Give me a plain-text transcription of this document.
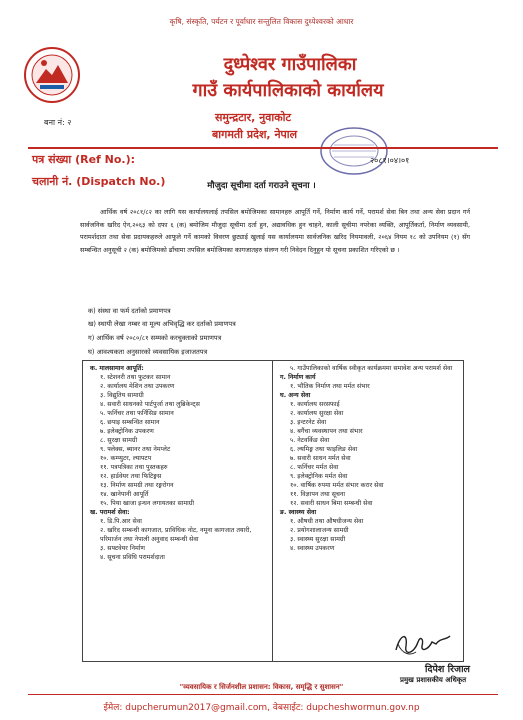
कृषि, संस्कृति, पर्यटन र पूर्वाधार सन्तुलित विकास दुध्पेश्वरको आधार
दुध्पेश्वर गाउँपालिका
गाउँ कार्यपालिकाको कार्यालय
बना नं: २	समुन्द्रटार, नुवाकोट
बागमती प्रदेश, नेपाल
पत्र संख्या (Ref No.):
चलानी नं. (Dispatch No.)
२०८१।०४।०१
मौजुदा सूचीमा दर्ता गराउने सूचना ।
आर्थिक वर्ष २०८१/८२ का लागि यस कार्यालयलाई तपसिल बमोजिमका सामानहरु आपूर्ति गर्ने, निर्माण कार्य गर्ने, परामर्श सेवा बिन तथा अन्य सेवा प्रदान गर्न सार्वजनिक खरिद ऐन,२०६३ को दफा ६ (क) बमोजिम मौजुदा सूचीमा दर्ता हुन, अद्यावधिक हुन चाहने, काली सूचीमा नपरेका व्यक्ति, आपूर्तिकर्ता, निर्माण व्यवसायी, परामर्शदाता तथा सेवा प्रदायकहरुले आफूले गर्ने कामको विवरण छुट्याई खुलाई यस कार्यालयमा सार्वजनिक खरिद नियमावली, २०६४ नियम १८ को उपनियम (१) सँग सम्बन्धित अनुसूची २ (क) बमोजिमको ढाँचामा तपसिल बमोजिमका कागजातहरु संलग्न गरी निवेदन दिनुहुन यो सूचना प्रकाशित गरिएको छ ।
क) संस्था वा फर्म दर्ताको प्रमाणपत्र
ख) स्थायी लेखा नम्बर वा मूल्य अभिवृद्धि कर दर्ताको प्रमाणपत्र
ग) आर्थिक वर्ष २०८०/८१ सम्मको करचुक्ताको प्रमाणपत्र
घ) आवश्यकता अनुसारको व्यवसायिक इजाजतपत्र
क. मालसामान आपूर्ति:
१. स्टेशनरी तथा फुटकर सामान
२. कार्यालय मेशिन तथा उपकरण
३. विद्युतिय सामाग्री
४. सवारी साधनको पार्टपुर्जा तथा लुब्रिकेन्ट्स
५. फर्निचर तथा फर्निसिङ सामान
६. छपाइ सम्बन्धित सामान
७. इलेक्ट्रोनिक उपकरण
८. सुरक्षा सामग्री
९. फ्लेक्स, ब्यानर तथा नेमप्लेट
१०. कम्प्युटर, ल्यापटप
११. पत्रपत्रिका तथा पुस्तकहरु
१२. हार्डवेयर तथा फिटिङ्गस
१३. निर्माण सामग्री तथा रङ्गरोगन
१४. खानेपानी आपूर्ति
१५. पिया खाजा इन्धन लगायतका सामाग्री
ख. परामर्श सेवा:
१. डि.पि.आर सेवा
२. खरिद सम्बन्धी कागजात, प्राविधिक नोट, नमूना कागजात तयारी, परिमार्जन तथा नेपाली अनुवाद सम्बन्धी सेवा
३. सफ्टवेयर निर्माण
४. सूचना प्रविधि परामर्शदाता
५. गाउँपालिकाको वार्षिक स्वीकृत कार्यक्रममा समावेश अन्य परामर्श सेवा
ग. निर्माण कार्य
१. भौतिक निर्माण तथा मर्मत संभार
घ. अन्य सेवा
१. कार्यालय सरसफाई
२. कार्यालय सुरक्षा सेवा
३. इन्टरनेट सेवा
४. बगैंचा व्यवस्थापन तथा संभार
५. नेटवर्किङ सेवा
६. ल्यमिङ्ग तथा फाइलिङ सेवा
७. सवारी साधन मर्मत सेवा
८. फर्निचर मर्मत सेवा
९. इलेक्ट्रोनिक मर्मत सेवा
१०. वार्षिक रुपमा मर्मत संभार करार सेवा
११. विज्ञापन तथा सूचना
१२. सवारी साधन बिमा सम्बन्धी सेवा
ङ. स्वास्थ्य सेवा
१. औषधी तथा औषधीजन्य सेवा
२. प्रयोगशालाजन्य सामग्री
३. स्वास्थ्य सुरक्षा सामग्री
४. स्वास्थ्य उपकरण
दिपेश रिजाल
प्रमुख प्रशासकीय अधिकृत
"व्यवसायिक र सिर्जनशील प्रशासन: विकास, समृद्धि र सुशासन"
ईमेल: dupcherumun2017@gmail.com, वेबसाईट: dupcheshwormun.gov.np
